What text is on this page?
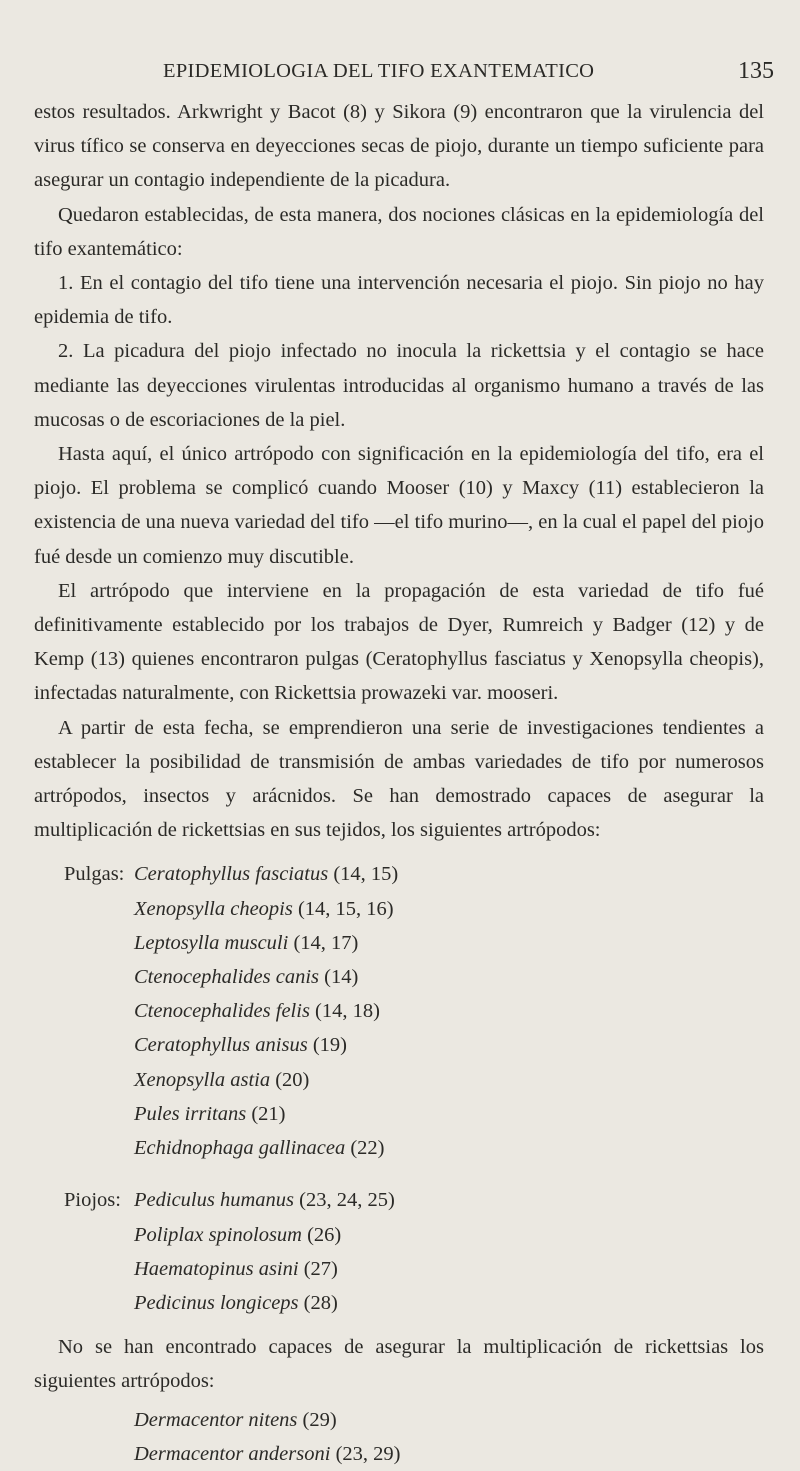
EPIDEMIOLOGIA DEL TIFO EXANTEMATICO	135

estos resultados. Arkwright y Bacot (8) y Sikora (9) encontraron que la virulencia del virus tífico se conserva en deyecciones secas de piojo, durante un tiempo suficiente para asegurar un contagio independiente de la picadura.

Quedaron establecidas, de esta manera, dos nociones clásicas en la epidemiología del tifo exantemático:

1. En el contagio del tifo tiene una intervención necesaria el piojo. Sin piojo no hay epidemia de tifo.

2. La picadura del piojo infectado no inocula la rickettsia y el contagio se hace mediante las deyecciones virulentas introducidas al organismo humano a través de las mucosas o de escoriaciones de la piel.

Hasta aquí, el único artrópodo con significación en la epidemiología del tifo, era el piojo. El problema se complicó cuando Mooser (10) y Maxcy (11) establecieron la existencia de una nueva variedad del tifo —el tifo murino—, en la cual el papel del piojo fué desde un comienzo muy discutible.

El artrópodo que interviene en la propagación de esta variedad de tifo fué definitivamente establecido por los trabajos de Dyer, Rumreich y Badger (12) y de Kemp (13) quienes encontraron pulgas (Ceratophyllus fasciatus y Xenopsylla cheopis), infectadas naturalmente, con Rickettsia prowazeki var. mooseri.

A partir de esta fecha, se emprendieron una serie de investigaciones tendientes a establecer la posibilidad de transmisión de ambas variedades de tifo por numerosos artrópodos, insectos y arácnidos. Se han demostrado capaces de asegurar la multiplicación de rickettsias en sus tejidos, los siguientes artrópodos:

Pulgas: Ceratophyllus fasciatus (14, 15)
Xenopsylla cheopis (14, 15, 16)
Leptosylla musculi (14, 17)
Ctenocephalides canis (14)
Ctenocephalides felis (14, 18)
Ceratophyllus anisus (19)
Xenopsylla astia (20)
Pules irritans (21)
Echidnophaga gallinacea (22)
Piojos: Pediculus humanus (23, 24, 25)
Poliplax spinolosum (26)
Haematopinus asini (27)
Pedicinus longiceps (28)

No se han encontrado capaces de asegurar la multiplicación de rickettsias los siguientes artrópodos:

Dermacentor nitens (29)
Dermacentor andersoni (23, 29)
